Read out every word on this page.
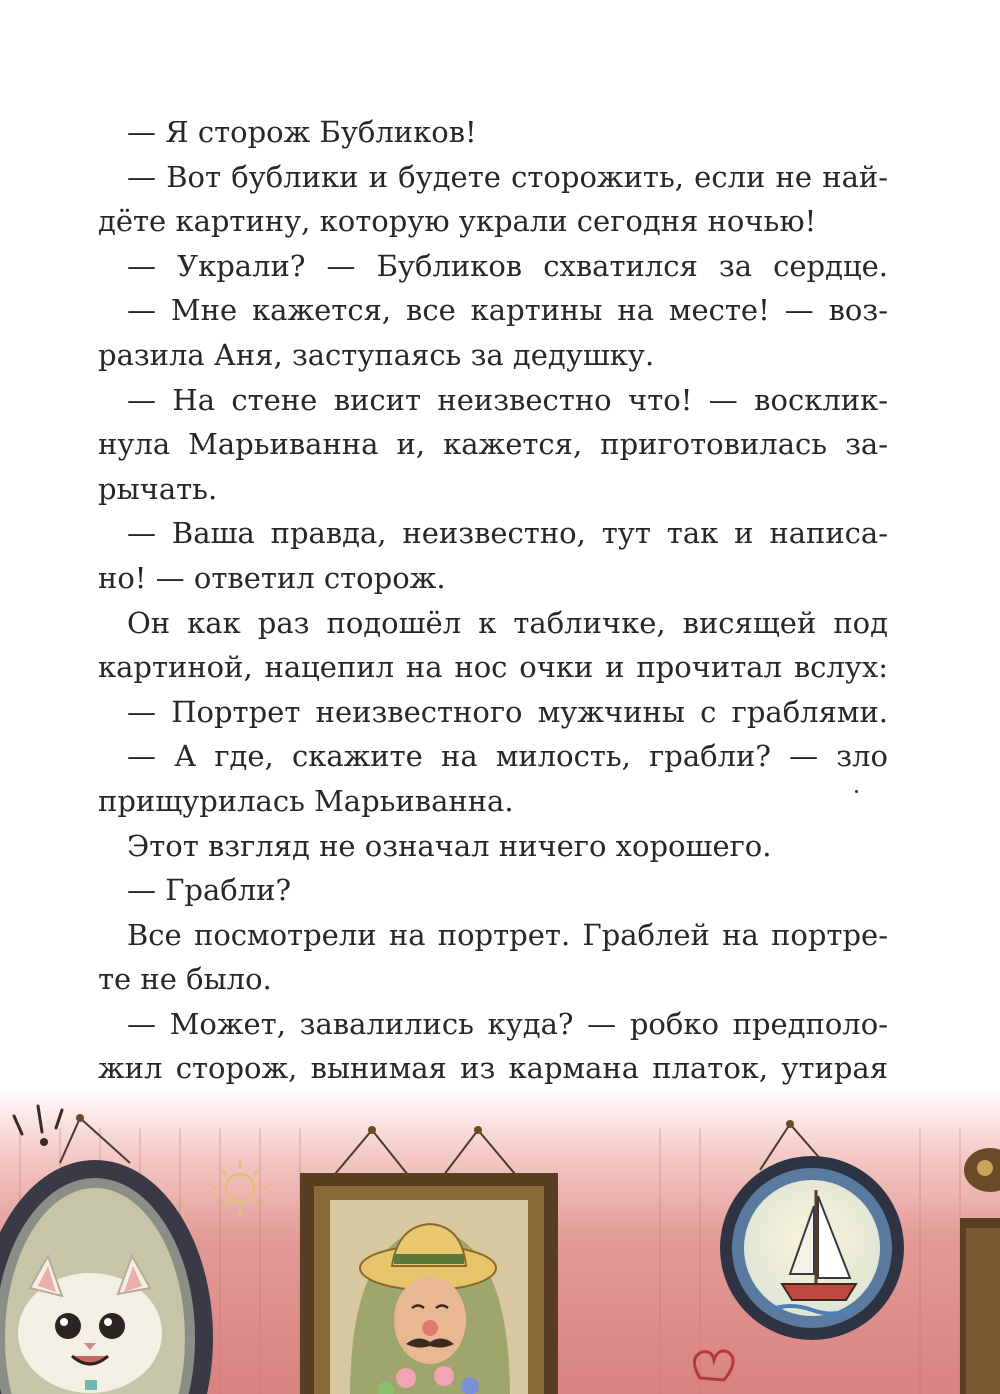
— Я сторож Бубликов!
— Вот бублики и будете сторожить, если не най-
дёте картину, которую украли сегодня ночью!
— Украли? — Бубликов схватился за сердце.
— Мне кажется, все картины на месте! — воз-
разила Аня, заступаясь за дедушку.
— На стене висит неизвестно что! — восклик-
нула Марьиванна и, кажется, приготовилась за-
рычать.
— Ваша правда, неизвестно, тут так и написа-
но! — ответил сторож.
Он как раз подошёл к табличке, висящей под
картиной, нацепил на нос очки и прочитал вслух:
— Портрет неизвестного мужчины с граблями.
— А где, скажите на милость, грабли? — зло
прищурилась Марьиванна.
Этот взгляд не означал ничего хорошего.
— Грабли?
Все посмотрели на портрет. Граблей на портре-
те не было.
— Может, завалились куда? — робко предполо-
жил сторож, вынимая из кармана платок, утирая
